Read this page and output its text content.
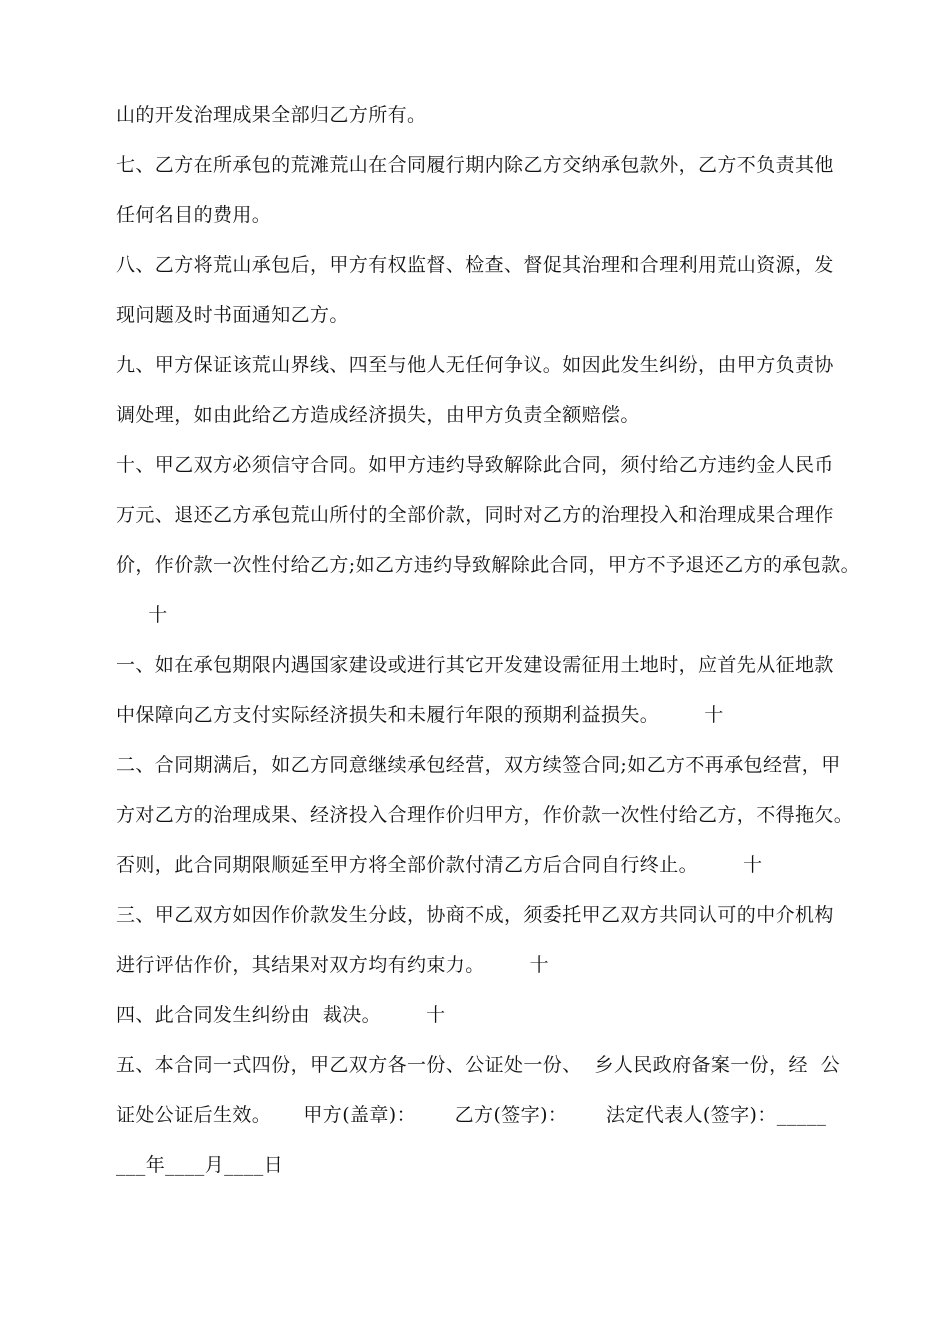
山的开发治理成果全部归乙方所有。
七、乙方在所承包的荒滩荒山在合同履行期内除乙方交纳承包款外，乙方不负责其他
任何名目的费用。
八、乙方将荒山承包后，甲方有权监督、检查、督促其治理和合理利用荒山资源，发
现问题及时书面通知乙方。
九、甲方保证该荒山界线、四至与他人无任何争议。如因此发生纠纷，由甲方负责协
调处理，如由此给乙方造成经济损失，由甲方负责全额赔偿。
十、甲乙双方必须信守合同。如甲方违约导致解除此合同，须付给乙方违约金人民币
万元、退还乙方承包荒山所付的全部价款，同时对乙方的治理投入和治理成果合理作
价，作价款一次性付给乙方;如乙方违约导致解除此合同，甲方不予退还乙方的承包款。
十
一、如在承包期限内遇国家建设或进行其它开发建设需征用土地时，应首先从征地款
中保障向乙方支付实际经济损失和未履行年限的预期利益损失。       十
二、合同期满后，如乙方同意继续承包经营，双方续签合同;如乙方不再承包经营，甲
方对乙方的治理成果、经济投入合理作价归甲方，作价款一次性付给乙方，不得拖欠。
否则，此合同期限顺延至甲方将全部价款付清乙方后合同自行终止。       十
三、甲乙双方如因作价款发生分歧，协商不成，须委托甲乙双方共同认可的中介机构
进行评估作价，其结果对双方均有约束力。       十
四、此合同发生纠纷由  裁决。       十
五、本合同一式四份，甲乙双方各一份、公证处一份、  乡人民政府备案一份，经  公
证处公证后生效。     甲方(盖章)：      乙方(签字)：      法定代表人(签字)：_____
___年____月____日
